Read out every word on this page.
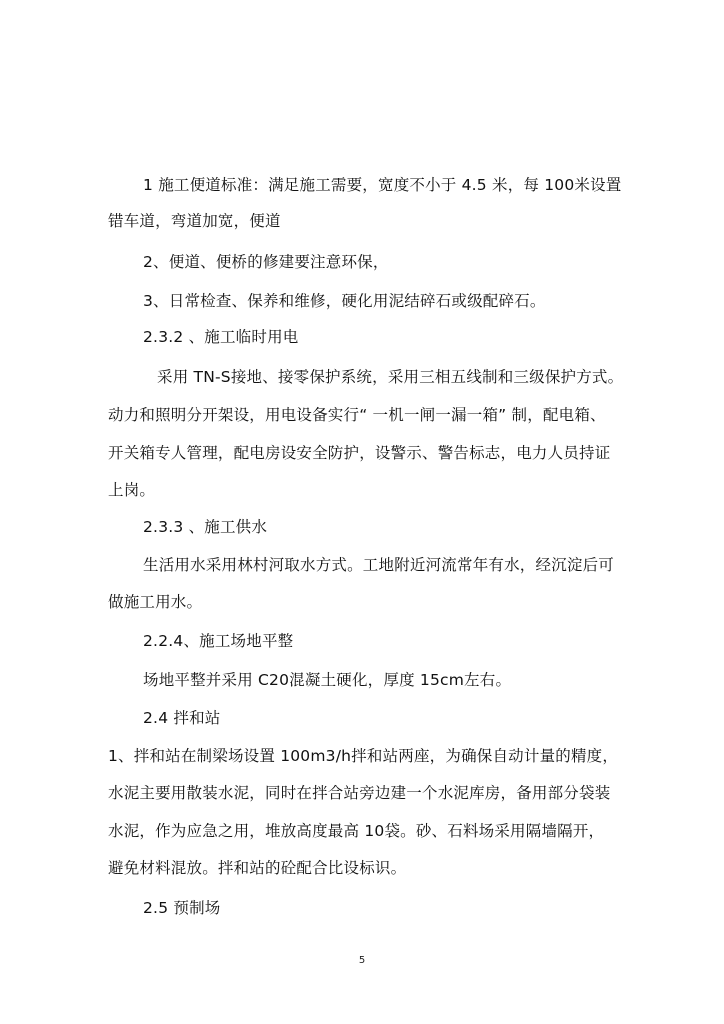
1 施工便道标准：满足施工需要，宽度不小于 4.5 米，每 100米设置
错车道，弯道加宽，便道
2、便道、便桥的修建要注意环保，
3、日常检查、保养和维修，硬化用泥结碎石或级配碎石。
2.3.2 、施工临时用电
采用 TN-S接地、接零保护系统，采用三相五线制和三级保护方式。
动力和照明分开架设，用电设备实行“ 一机一闸一漏一箱” 制，配电箱、
开关箱专人管理，配电房设安全防护，设警示、警告标志，电力人员持证
上岗。
2.3.3 、施工供水
生活用水采用林村河取水方式。工地附近河流常年有水，经沉淀后可
做施工用水。
2.2.4、施工场地平整
场地平整并采用 C20混凝土硬化，厚度 15cm左右。
2.4 拌和站
1、拌和站在制梁场设置 100m3/h拌和站两座，为确保自动计量的精度，
水泥主要用散装水泥，同时在拌合站旁边建一个水泥库房，备用部分袋装
水泥，作为应急之用，堆放高度最高 10袋。砂、石料场采用隔墙隔开，
避免材料混放。拌和站的砼配合比设标识。
2.5 预制场
5
